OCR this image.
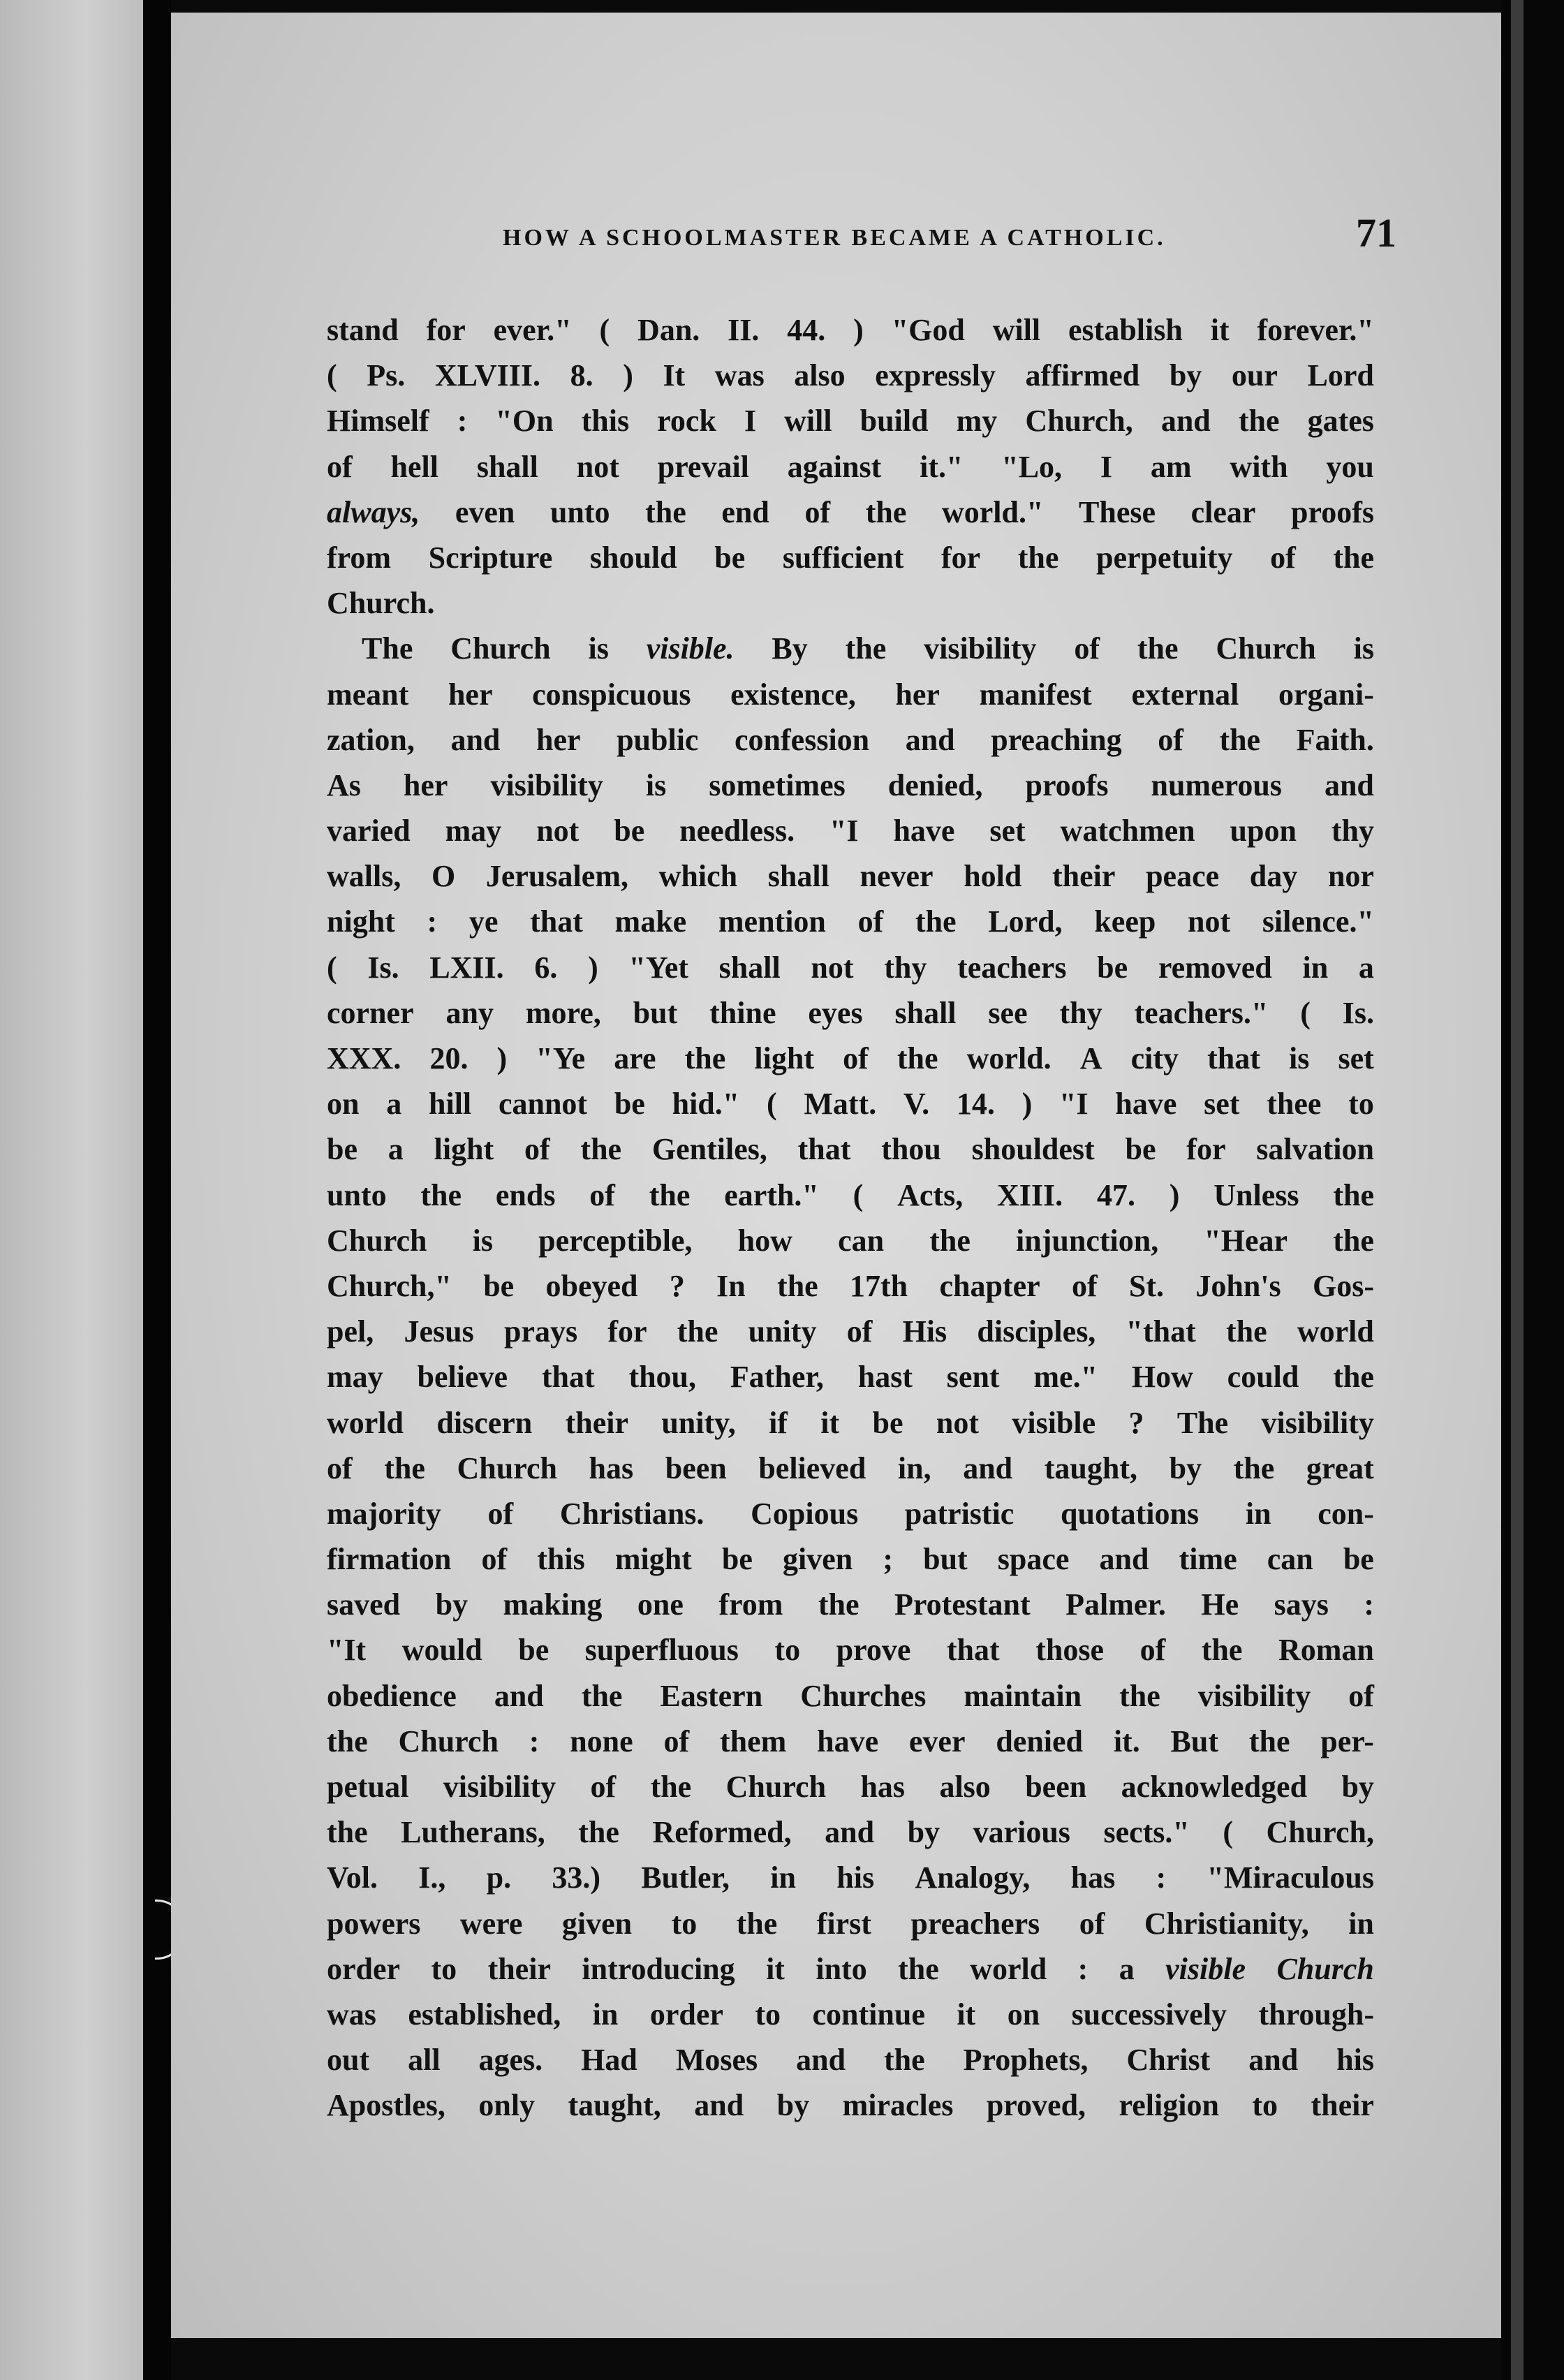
HOW A SCHOOLMASTER BECAME A CATHOLIC.	71
stand for ever." ( Dan. II. 44. ) "God will establish it forever."
( Ps. XLVIII. 8. ) It was also expressly affirmed by our Lord
Himself : "On this rock I will build my Church, and the gates
of hell shall not prevail against it." "Lo, I am with you
always, even unto the end of the world." These clear proofs
from Scripture should be sufficient for the perpetuity of the
Church.
The Church is visible. By the visibility of the Church is
meant her conspicuous existence, her manifest external organi-
zation, and her public confession and preaching of the Faith.
As her visibility is sometimes denied, proofs numerous and
varied may not be needless. "I have set watchmen upon thy
walls, O Jerusalem, which shall never hold their peace day nor
night : ye that make mention of the Lord, keep not silence."
( Is. LXII. 6. ) "Yet shall not thy teachers be removed in a
corner any more, but thine eyes shall see thy teachers." ( Is.
XXX. 20. ) "Ye are the light of the world. A city that is set
on a hill cannot be hid." ( Matt. V. 14. ) "I have set thee to
be a light of the Gentiles, that thou shouldest be for salvation
unto the ends of the earth." ( Acts, XIII. 47. ) Unless the
Church is perceptible, how can the injunction, "Hear the
Church," be obeyed ? In the 17th chapter of St. John's Gos-
pel, Jesus prays for the unity of His disciples, "that the world
may believe that thou, Father, hast sent me." How could the
world discern their unity, if it be not visible ? The visibility
of the Church has been believed in, and taught, by the great
majority of Christians. Copious patristic quotations in con-
firmation of this might be given ; but space and time can be
saved by making one from the Protestant Palmer. He says :
"It would be superfluous to prove that those of the Roman
obedience and the Eastern Churches maintain the visibility of
the Church : none of them have ever denied it. But the per-
petual visibility of the Church has also been acknowledged by
the Lutherans, the Reformed, and by various sects." ( Church,
Vol. I., p. 33.) Butler, in his Analogy, has : "Miraculous
powers were given to the first preachers of Christianity, in
order to their introducing it into the world : a visible Church
was established, in order to continue it on successively through-
out all ages. Had Moses and the Prophets, Christ and his
Apostles, only taught, and by miracles proved, religion to their
